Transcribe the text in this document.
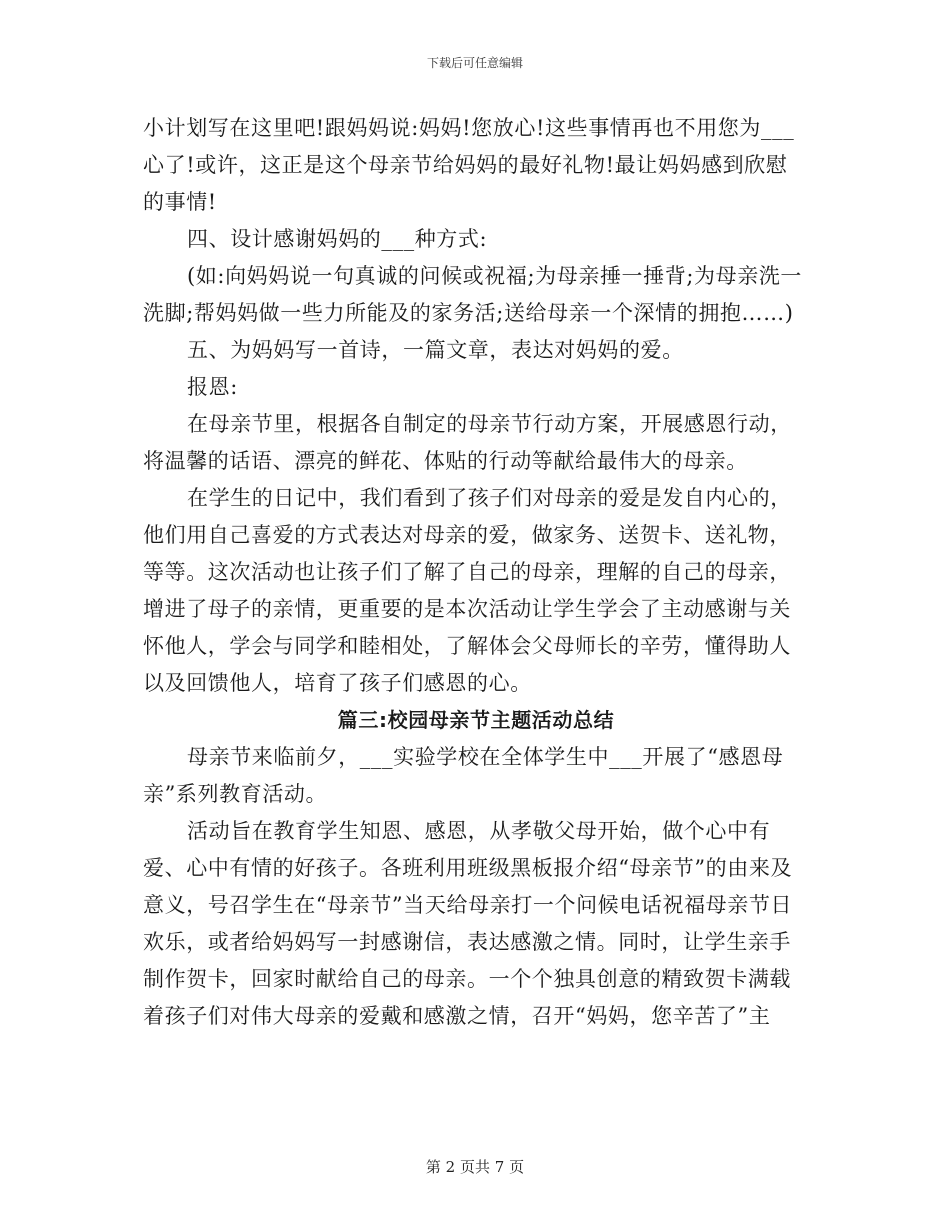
下载后可任意编辑

小计划写在这里吧!跟妈妈说:妈妈!您放心!这些事情再也不用您为___心了!或许，这正是这个母亲节给妈妈的最好礼物!最让妈妈感到欣慰的事情!

四、设计感谢妈妈的___种方式:

(如:向妈妈说一句真诚的问候或祝福;为母亲捶一捶背;为母亲洗一洗脚;帮妈妈做一些力所能及的家务活;送给母亲一个深情的拥抱……)

五、为妈妈写一首诗，一篇文章，表达对妈妈的爱。

报恩:

在母亲节里，根据各自制定的母亲节行动方案，开展感恩行动，将温馨的话语、漂亮的鲜花、体贴的行动等献给最伟大的母亲。

在学生的日记中，我们看到了孩子们对母亲的爱是发自内心的，他们用自己喜爱的方式表达对母亲的爱，做家务、送贺卡、送礼物，等等。这次活动也让孩子们了解了自己的母亲，理解的自己的母亲，增进了母子的亲情，更重要的是本次活动让学生学会了主动感谢与关怀他人，学会与同学和睦相处，了解体会父母师长的辛劳，懂得助人以及回馈他人，培育了孩子们感恩的心。

篇三:校园母亲节主题活动总结

母亲节来临前夕，___实验学校在全体学生中___开展了“感恩母亲”系列教育活动。

活动旨在教育学生知恩、感恩，从孝敬父母开始，做个心中有爱、心中有情的好孩子。各班利用班级黑板报介绍“母亲节”的由来及意义，号召学生在“母亲节”当天给母亲打一个问候电话祝福母亲节日欢乐，或者给妈妈写一封感谢信，表达感激之情。同时，让学生亲手制作贺卡，回家时献给自己的母亲。一个个独具创意的精致贺卡满载着孩子们对伟大母亲的爱戴和感激之情，召开“妈妈，您辛苦了”主

第 2 页共 7 页
